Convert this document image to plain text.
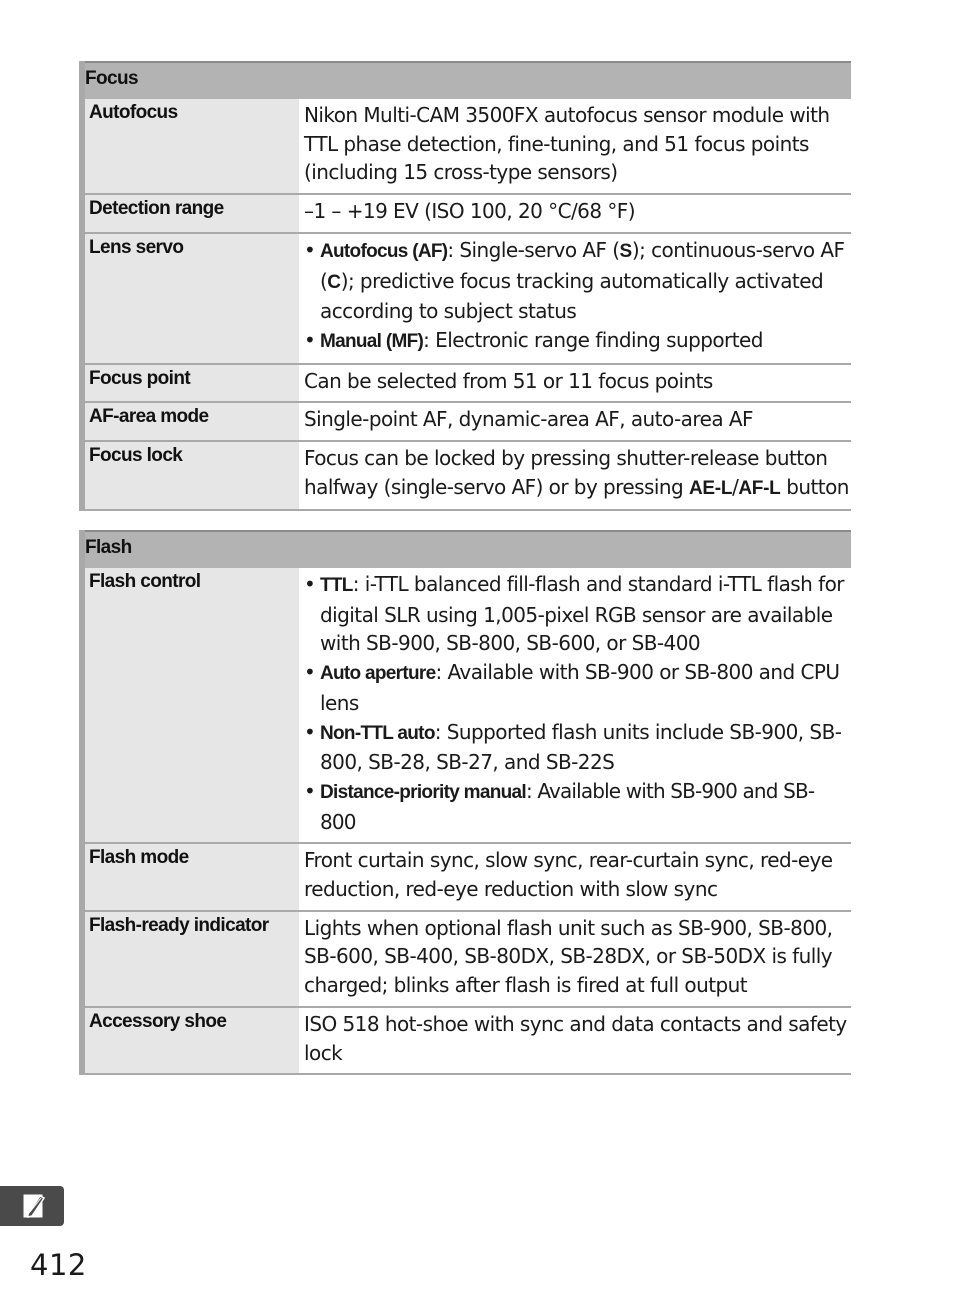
Focus
Autofocus	Nikon Multi-CAM 3500FX autofocus sensor module with TTL phase detection, fine-tuning, and 51 focus points (including 15 cross-type sensors)
Detection range	–1 – +19 EV (ISO 100, 20 °C/68 °F)
Lens servo	• Autofocus (AF): Single-servo AF (S); continuous-servo AF (C); predictive focus tracking automatically activated according to subject status
• Manual (MF): Electronic range finding supported
Focus point	Can be selected from 51 or 11 focus points
AF-area mode	Single-point AF, dynamic-area AF, auto-area AF
Focus lock	Focus can be locked by pressing shutter-release button halfway (single-servo AF) or by pressing AE-L/AF-L button
Flash
Flash control	• TTL: i-TTL balanced fill-flash and standard i-TTL flash for digital SLR using 1,005-pixel RGB sensor are available with SB-900, SB-800, SB-600, or SB-400
• Auto aperture: Available with SB-900 or SB-800 and CPU lens
• Non-TTL auto: Supported flash units include SB-900, SB-800, SB-28, SB-27, and SB-22S
• Distance-priority manual: Available with SB-900 and SB-800
Flash mode	Front curtain sync, slow sync, rear-curtain sync, red-eye reduction, red-eye reduction with slow sync
Flash-ready indicator	Lights when optional flash unit such as SB-900, SB-800, SB-600, SB-400, SB-80DX, SB-28DX, or SB-50DX is fully charged; blinks after flash is fired at full output
Accessory shoe	ISO 518 hot-shoe with sync and data contacts and safety lock
412
